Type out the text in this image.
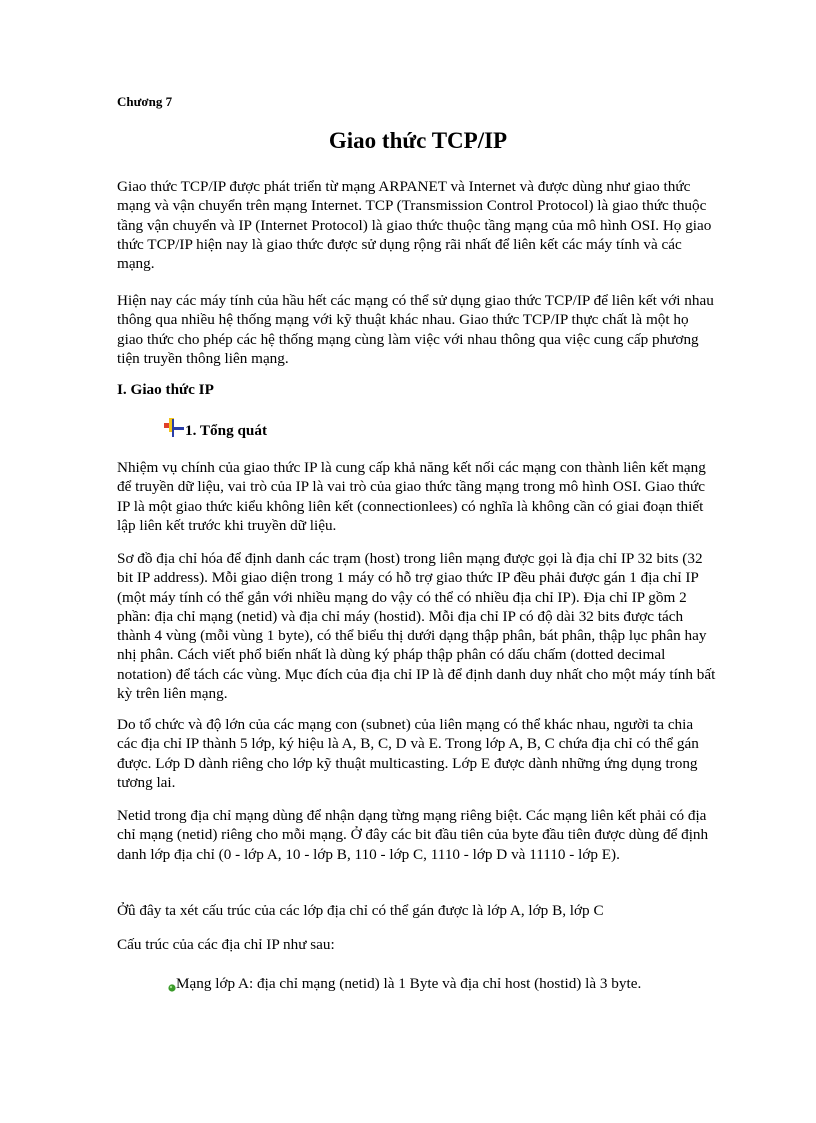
Chương 7
Giao thức TCP/IP

Giao thức TCP/IP được phát triển từ mạng ARPANET và Internet và được dùng như giao thức mạng và vận chuyển trên mạng Internet. TCP (Transmission Control Protocol) là giao thức thuộc tầng vận chuyển và IP (Internet Protocol) là giao thức thuộc tầng mạng của mô hình OSI. Họ giao thức TCP/IP hiện nay là giao thức được sử dụng rộng rãi nhất để liên kết các máy tính và các mạng.

Hiện nay các máy tính của hầu hết các mạng có thể sử dụng giao thức TCP/IP để liên kết với nhau thông qua nhiều hệ thống mạng với kỹ thuật khác nhau. Giao thức TCP/IP thực chất là một họ giao thức cho phép các hệ thống mạng cùng làm việc với nhau thông qua việc cung cấp phương tiện truyền thông liên mạng.

I. Giao thức IP
1. Tổng quát

Nhiệm vụ chính của giao thức IP là cung cấp khả năng kết nối các mạng con thành liên kết mạng để truyền dữ liệu, vai trò của IP là vai trò của giao thức tầng mạng trong mô hình OSI. Giao thức IP là một giao thức kiểu không liên kết (connectionlees) có nghĩa là không cần có giai đoạn thiết lập liên kết trước khi truyền dữ liệu.

Sơ đồ địa chỉ hóa để định danh các trạm (host) trong liên mạng được gọi là địa chỉ IP 32 bits (32 bit IP address). Mỗi giao diện trong 1 máy có hỗ trợ giao thức IP đều phải được gán 1 địa chỉ IP (một máy tính có thể gắn với nhiều mạng do vậy có thể có nhiều địa chỉ IP). Địa chỉ IP gồm 2 phần: địa chỉ mạng (netid) và địa chỉ máy (hostid). Mỗi địa chỉ IP có độ dài 32 bits được tách thành 4 vùng (mỗi vùng 1 byte), có thể biểu thị dưới dạng thập phân, bát phân, thập lục phân hay nhị phân. Cách viết phổ biến nhất là dùng ký pháp thập phân có dấu chấm (dotted decimal notation) để tách các vùng. Mục đích của địa chỉ IP là để định danh duy nhất cho một máy tính bất kỳ trên liên mạng.

Do tổ chức và độ lớn của các mạng con (subnet) của liên mạng có thể khác nhau, người ta chia các địa chỉ IP thành 5 lớp, ký hiệu là A, B, C, D và E. Trong lớp A, B, C chứa địa chỉ có thể gán được. Lớp D dành riêng cho lớp kỹ thuật multicasting. Lớp E được dành những ứng dụng trong tương lai.

Netid trong địa chỉ mạng dùng để nhận dạng từng mạng riêng biệt. Các mạng liên kết phải có địa chỉ mạng (netid) riêng cho mỗi mạng. Ở đây các bit đầu tiên của byte đầu tiên được dùng để định danh lớp địa chỉ (0 - lớp A, 10 - lớp B, 110 - lớp C, 1110 - lớp D và 11110 - lớp E).

Ởû đây ta xét cấu trúc của các lớp địa chỉ có thể gán được là lớp A, lớp B, lớp C

Cấu trúc của các địa chỉ IP như sau:

Mạng lớp A: địa chỉ mạng (netid) là 1 Byte và địa chỉ host (hostid) là 3 byte.
